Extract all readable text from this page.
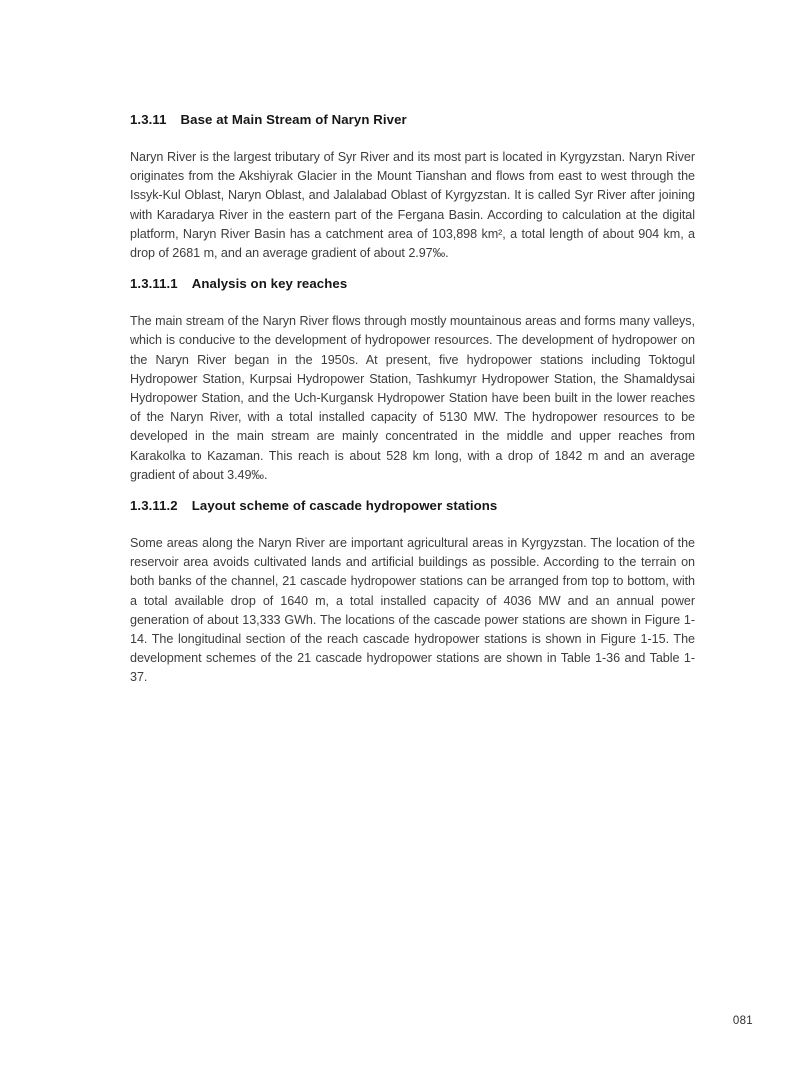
1.3.11 Base at Main Stream of Naryn River

Naryn River is the largest tributary of Syr River and its most part is located in Kyrgyzstan. Naryn River originates from the Akshiyrak Glacier in the Mount Tianshan and flows from east to west through the Issyk-Kul Oblast, Naryn Oblast, and Jalalabad Oblast of Kyrgyzstan. It is called Syr River after joining with Karadarya River in the eastern part of the Fergana Basin. According to calculation at the digital platform, Naryn River Basin has a catchment area of 103,898 km², a total length of about 904 km, a drop of 2681 m, and an average gradient of about 2.97‰.

1.3.11.1 Analysis on key reaches

The main stream of the Naryn River flows through mostly mountainous areas and forms many valleys, which is conducive to the development of hydropower resources. The development of hydropower on the Naryn River began in the 1950s. At present, five hydropower stations including Toktogul Hydropower Station, Kurpsai Hydropower Station, Tashkumyr Hydropower Station, the Shamaldysai Hydropower Station, and the Uch-Kurgansk Hydropower Station have been built in the lower reaches of the Naryn River, with a total installed capacity of 5130 MW. The hydropower resources to be developed in the main stream are mainly concentrated in the middle and upper reaches from Karakolka to Kazaman. This reach is about 528 km long, with a drop of 1842 m and an average gradient of about 3.49‰.

1.3.11.2 Layout scheme of cascade hydropower stations

Some areas along the Naryn River are important agricultural areas in Kyrgyzstan. The location of the reservoir area avoids cultivated lands and artificial buildings as possible. According to the terrain on both banks of the channel, 21 cascade hydropower stations can be arranged from top to bottom, with a total available drop of 1640 m, a total installed capacity of 4036 MW and an annual power generation of about 13,333 GWh. The locations of the cascade power stations are shown in Figure 1-14. The longitudinal section of the reach cascade hydropower stations is shown in Figure 1-15. The development schemes of the 21 cascade hydropower stations are shown in Table 1-36 and Table 1-37.

081
